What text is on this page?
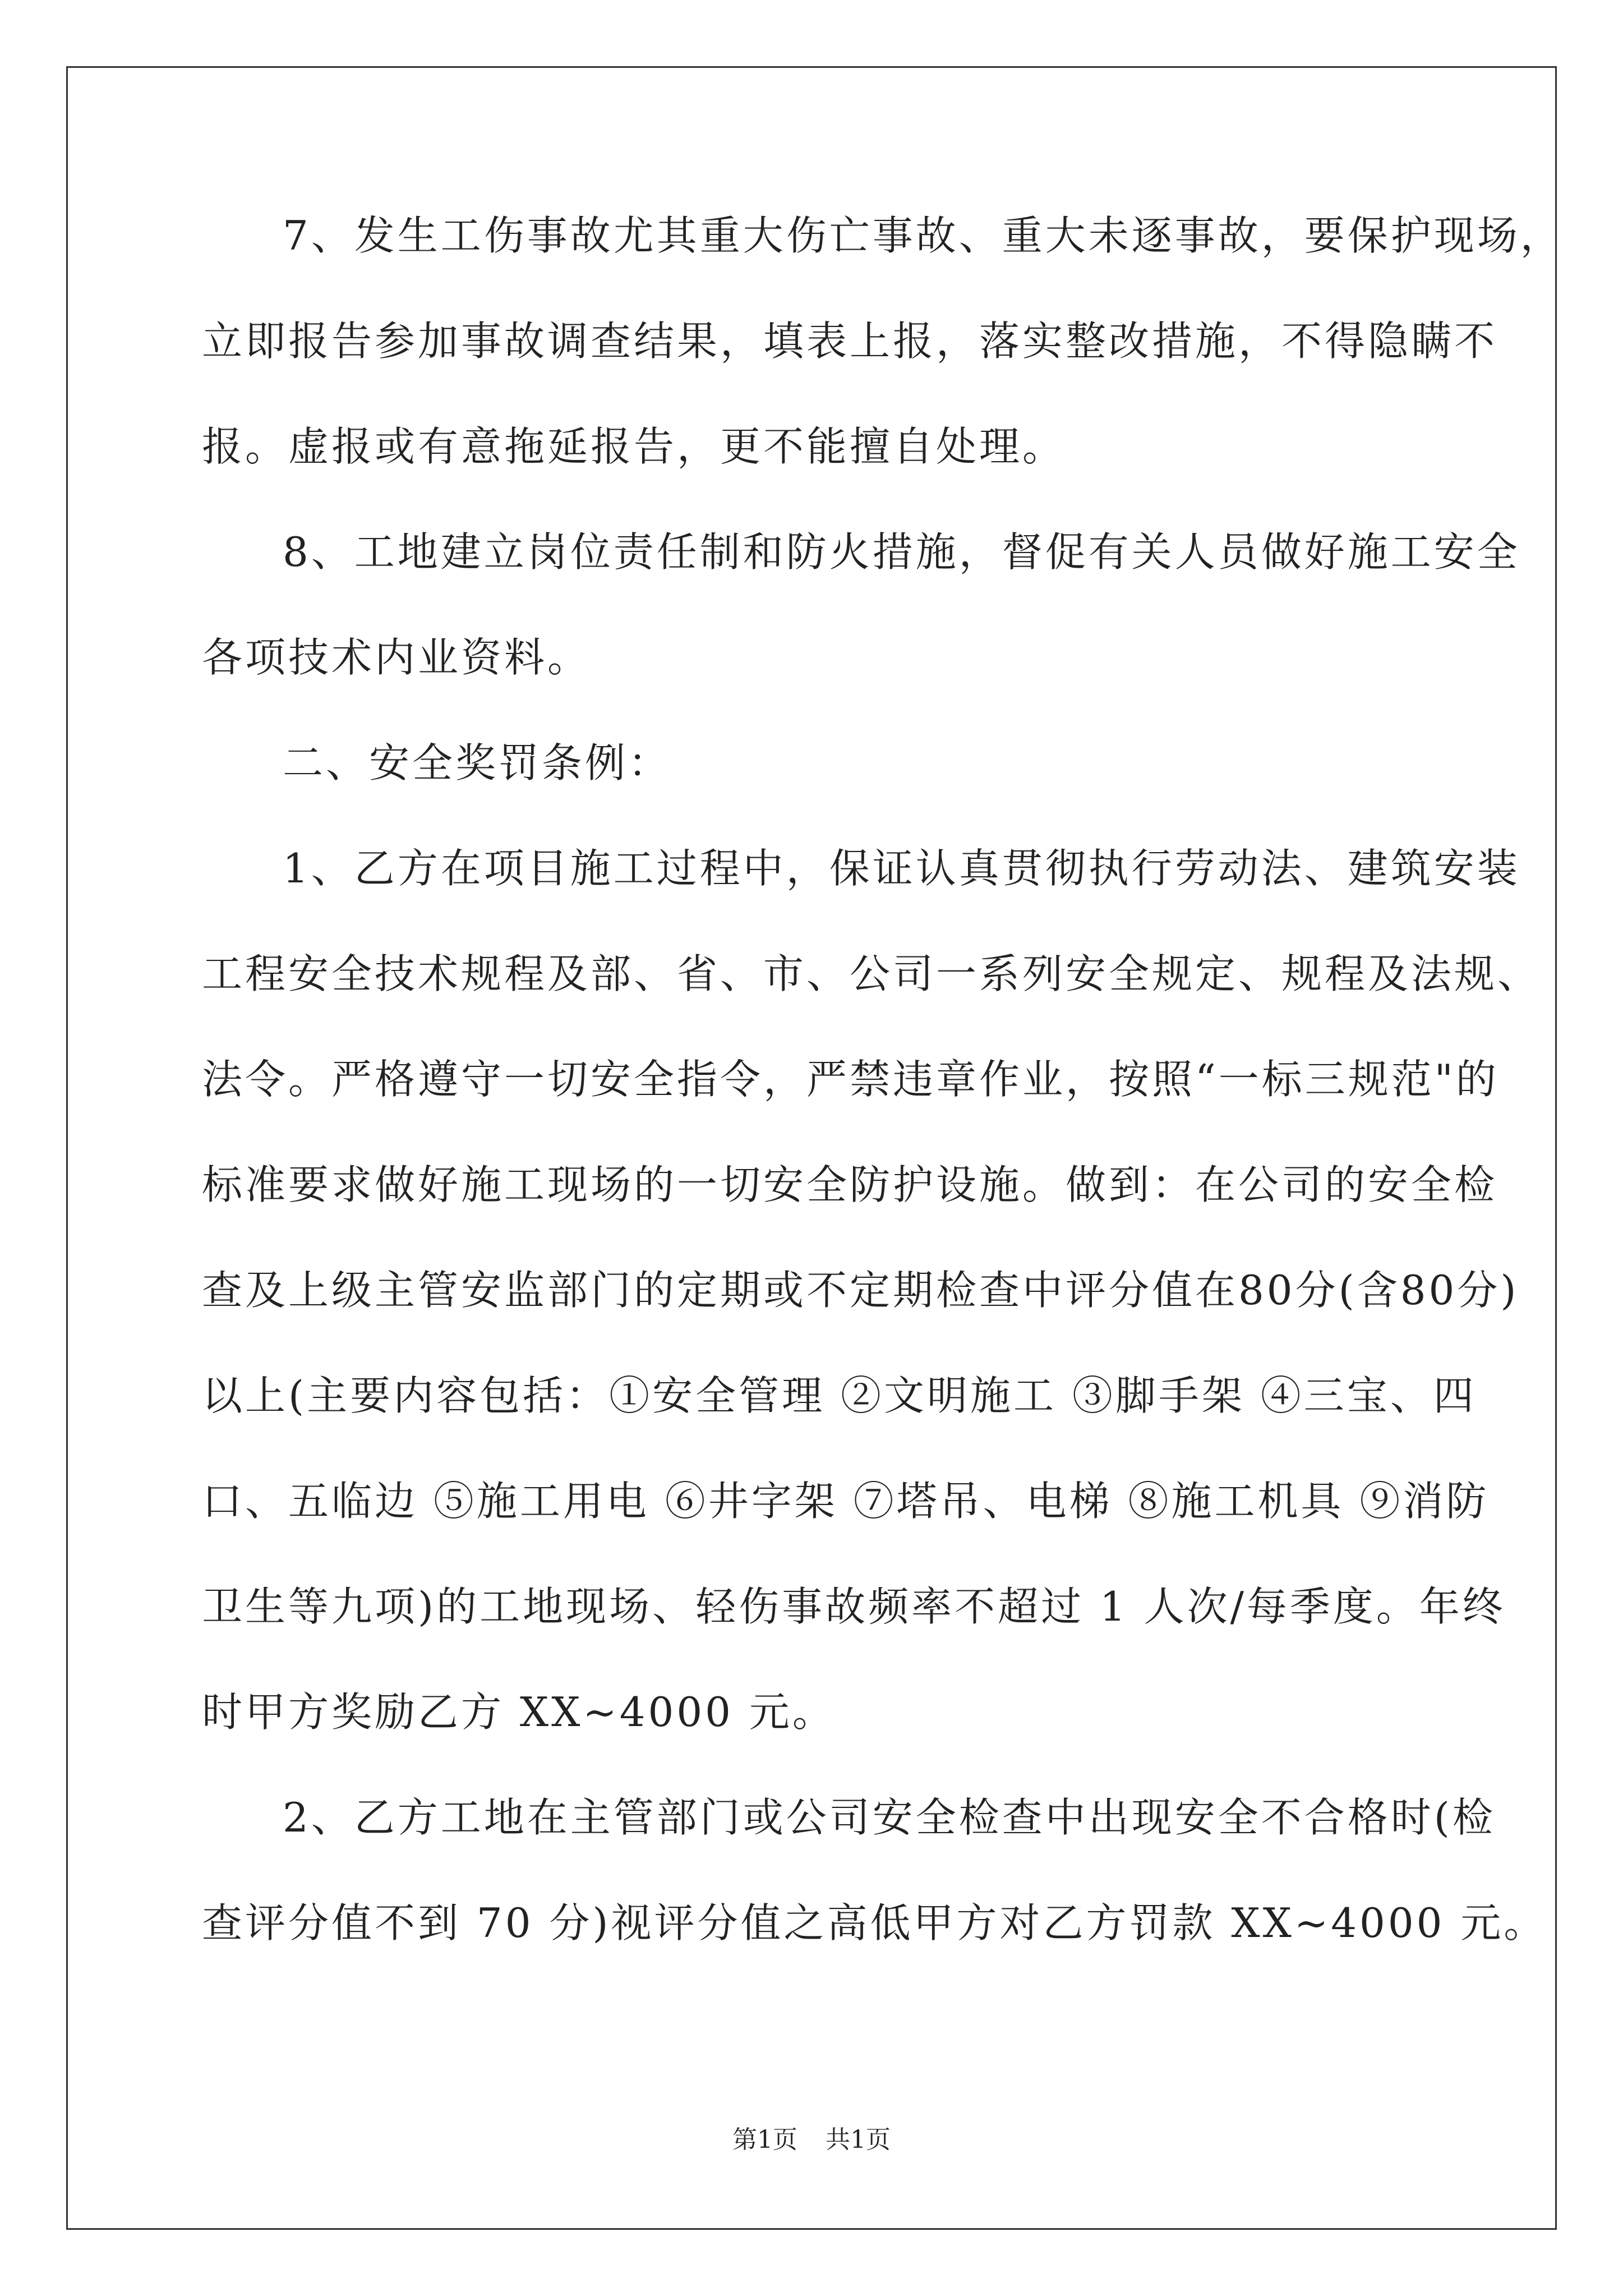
7、发生工伤事故尤其重大伤亡事故、重大未逐事故，要保护现场，
立即报告参加事故调查结果，填表上报，落实整改措施，不得隐瞒不
报。虚报或有意拖延报告，更不能擅自处理。
8、工地建立岗位责任制和防火措施，督促有关人员做好施工安全
各项技术内业资料。
二、安全奖罚条例：
1、乙方在项目施工过程中，保证认真贯彻执行劳动法、建筑安装
工程安全技术规程及部、省、市、公司一系列安全规定、规程及法规、
法令。严格遵守一切安全指令，严禁违章作业，按照“一标三规范"的
标准要求做好施工现场的一切安全防护设施。做到：在公司的安全检
查及上级主管安监部门的定期或不定期检查中评分值在80分(含80分)
以上(主要内容包括：①安全管理 ②文明施工 ③脚手架 ④三宝、四
口、五临边 ⑤施工用电 ⑥井字架 ⑦塔吊、电梯 ⑧施工机具 ⑨消防
卫生等九项)的工地现场、轻伤事故频率不超过 1 人次/每季度。年终
时甲方奖励乙方 XX~4000 元。
2、乙方工地在主管部门或公司安全检查中出现安全不合格时(检
查评分值不到 70 分)视评分值之高低甲方对乙方罚款 XX~4000 元。
第1页 共1页
